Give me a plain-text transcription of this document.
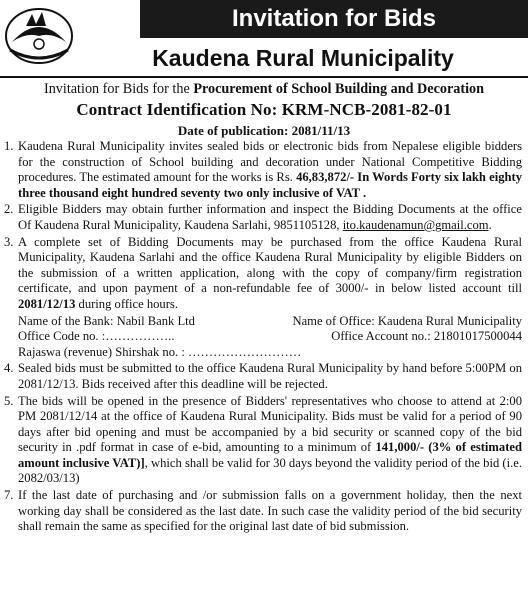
Invitation for Bids
Kaudena Rural Municipality
Invitation for Bids for the Procurement of School Building and Decoration
Contract Identification No: KRM-NCB-2081-82-01
Date of publication: 2081/11/13
1. Kaudena Rural Municipality invites sealed bids or electronic bids from Nepalese eligible bidders for the construction of School building and decoration under National Competitive Bidding procedures. The estimated amount for the works is Rs. 46,83,872/- In Words Forty six lakh eighty three thousand eight hundred seventy two only inclusive of VAT .
2. Eligible Bidders may obtain further information and inspect the Bidding Documents at the office Of Kaudena Rural Municipality, Kaudena Sarlahi, 9851105128, ito.kaudenamun@gmail.com.
3. A complete set of Bidding Documents may be purchased from the office Kaudena Rural Municipality, Kaudena Sarlahi and the office Kaudena Rural Municipality by eligible Bidders on the submission of a written application, along with the copy of company/firm registration certificate, and upon payment of a non-refundable fee of 3000/- in below listed account till 2081/12/13 during office hours.
Name of the Bank: Nabil Bank Ltd	Name of Office: Kaudena Rural Municipality
Office Code no. :……………..	Office Account no.: 21801017500044
Rajaswa (revenue) Shirshak no. : ………………………
4. Sealed bids must be submitted to the office Kaudena Rural Municipality by hand before 5:00PM on 2081/12/13. Bids received after this deadline will be rejected.
5. The bids will be opened in the presence of Bidders' representatives who choose to attend at 2:00 PM 2081/12/14 at the office of Kaudena Rural Municipality. Bids must be valid for a period of 90 days after bid opening and must be accompanied by a bid security or scanned copy of the bid security in .pdf format in case of e-bid, amounting to a minimum of 141,000/- (3% of estimated amount inclusive VAT)], which shall be valid for 30 days beyond the validity period of the bid (i.e. 2082/03/13)
7. If the last date of purchasing and /or submission falls on a government holiday, then the next working day shall be considered as the last date. In such case the validity period of the bid security shall remain the same as specified for the original last date of bid submission.
